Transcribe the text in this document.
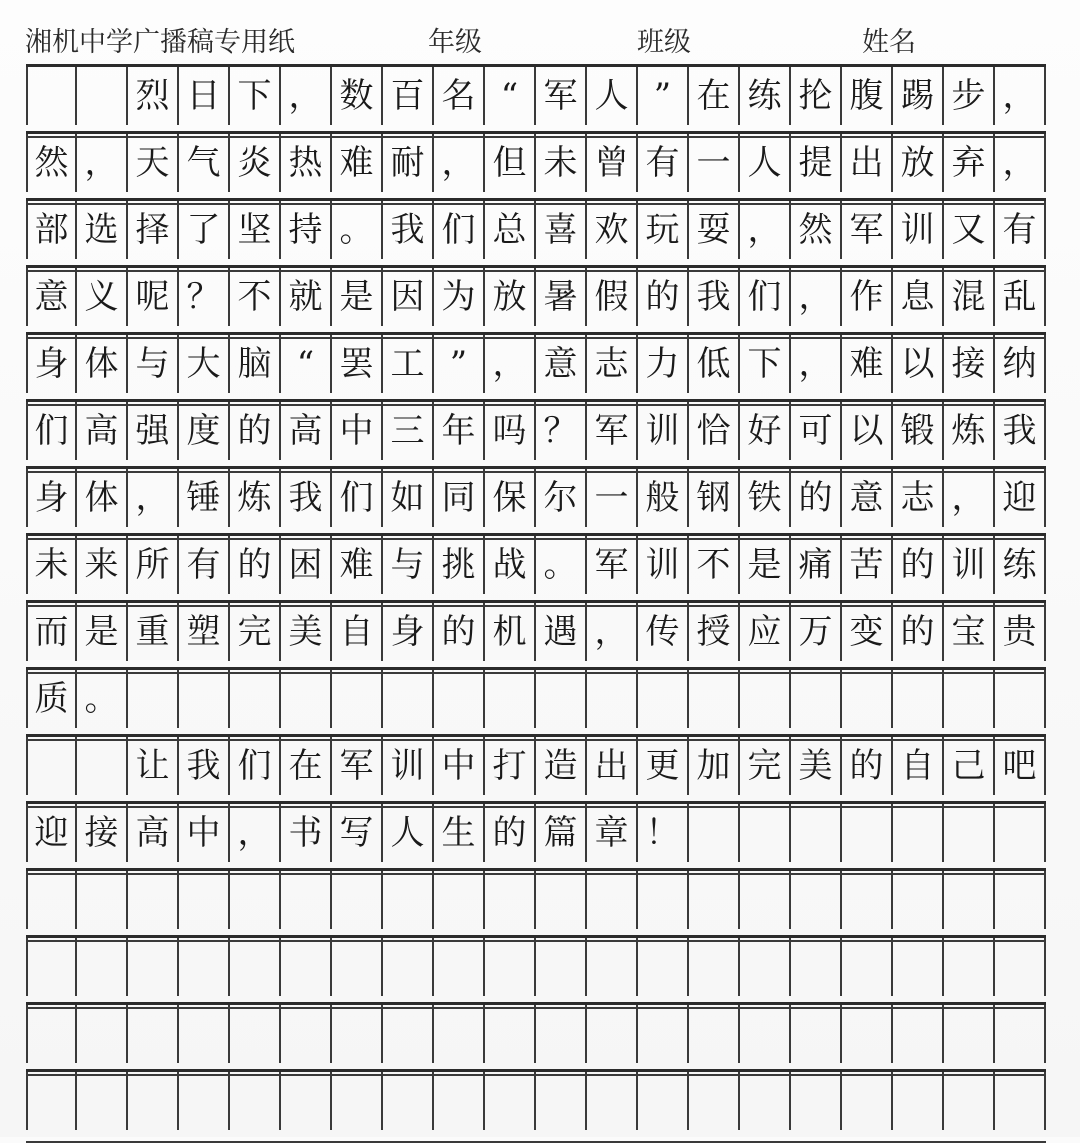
湘机中学广播稿专用纸	年级	班级	姓名
烈 日 下 ， 数 百 名 “ 军 人 ” 在 练 抡 腹 踢 步 ，
然 ， 天 气 炎 热 难 耐 ， 但 未 曾 有 一 人 提 出 放 弃 ，
部 选 择 了 坚 持 。 我 们 总 喜 欢 玩 耍 ， 然 军 训 又 有
意 义 呢 ？ 不 就 是 因 为 放 暑 假 的 我 们 ， 作 息 混 乱
身 体 与 大 脑 “ 罢 工 ” ， 意 志 力 低 下 ， 难 以 接 纳
们 高 强 度 的 高 中 三 年 吗 ？ 军 训 恰 好 可 以 锻 炼 我
身 体 ， 锤 炼 我 们 如 同 保 尔 一 般 钢 铁 的 意 志 ， 迎
未 来 所 有 的 困 难 与 挑 战 。 军 训 不 是 痛 苦 的 训 练
而 是 重 塑 完 美 自 身 的 机 遇 ， 传 授 应 万 变 的 宝 贵
质 。
让 我 们 在 军 训 中 打 造 出 更 加 完 美 的 自 己 吧
迎 接 高 中 ， 书 写 人 生 的 篇 章 ！
